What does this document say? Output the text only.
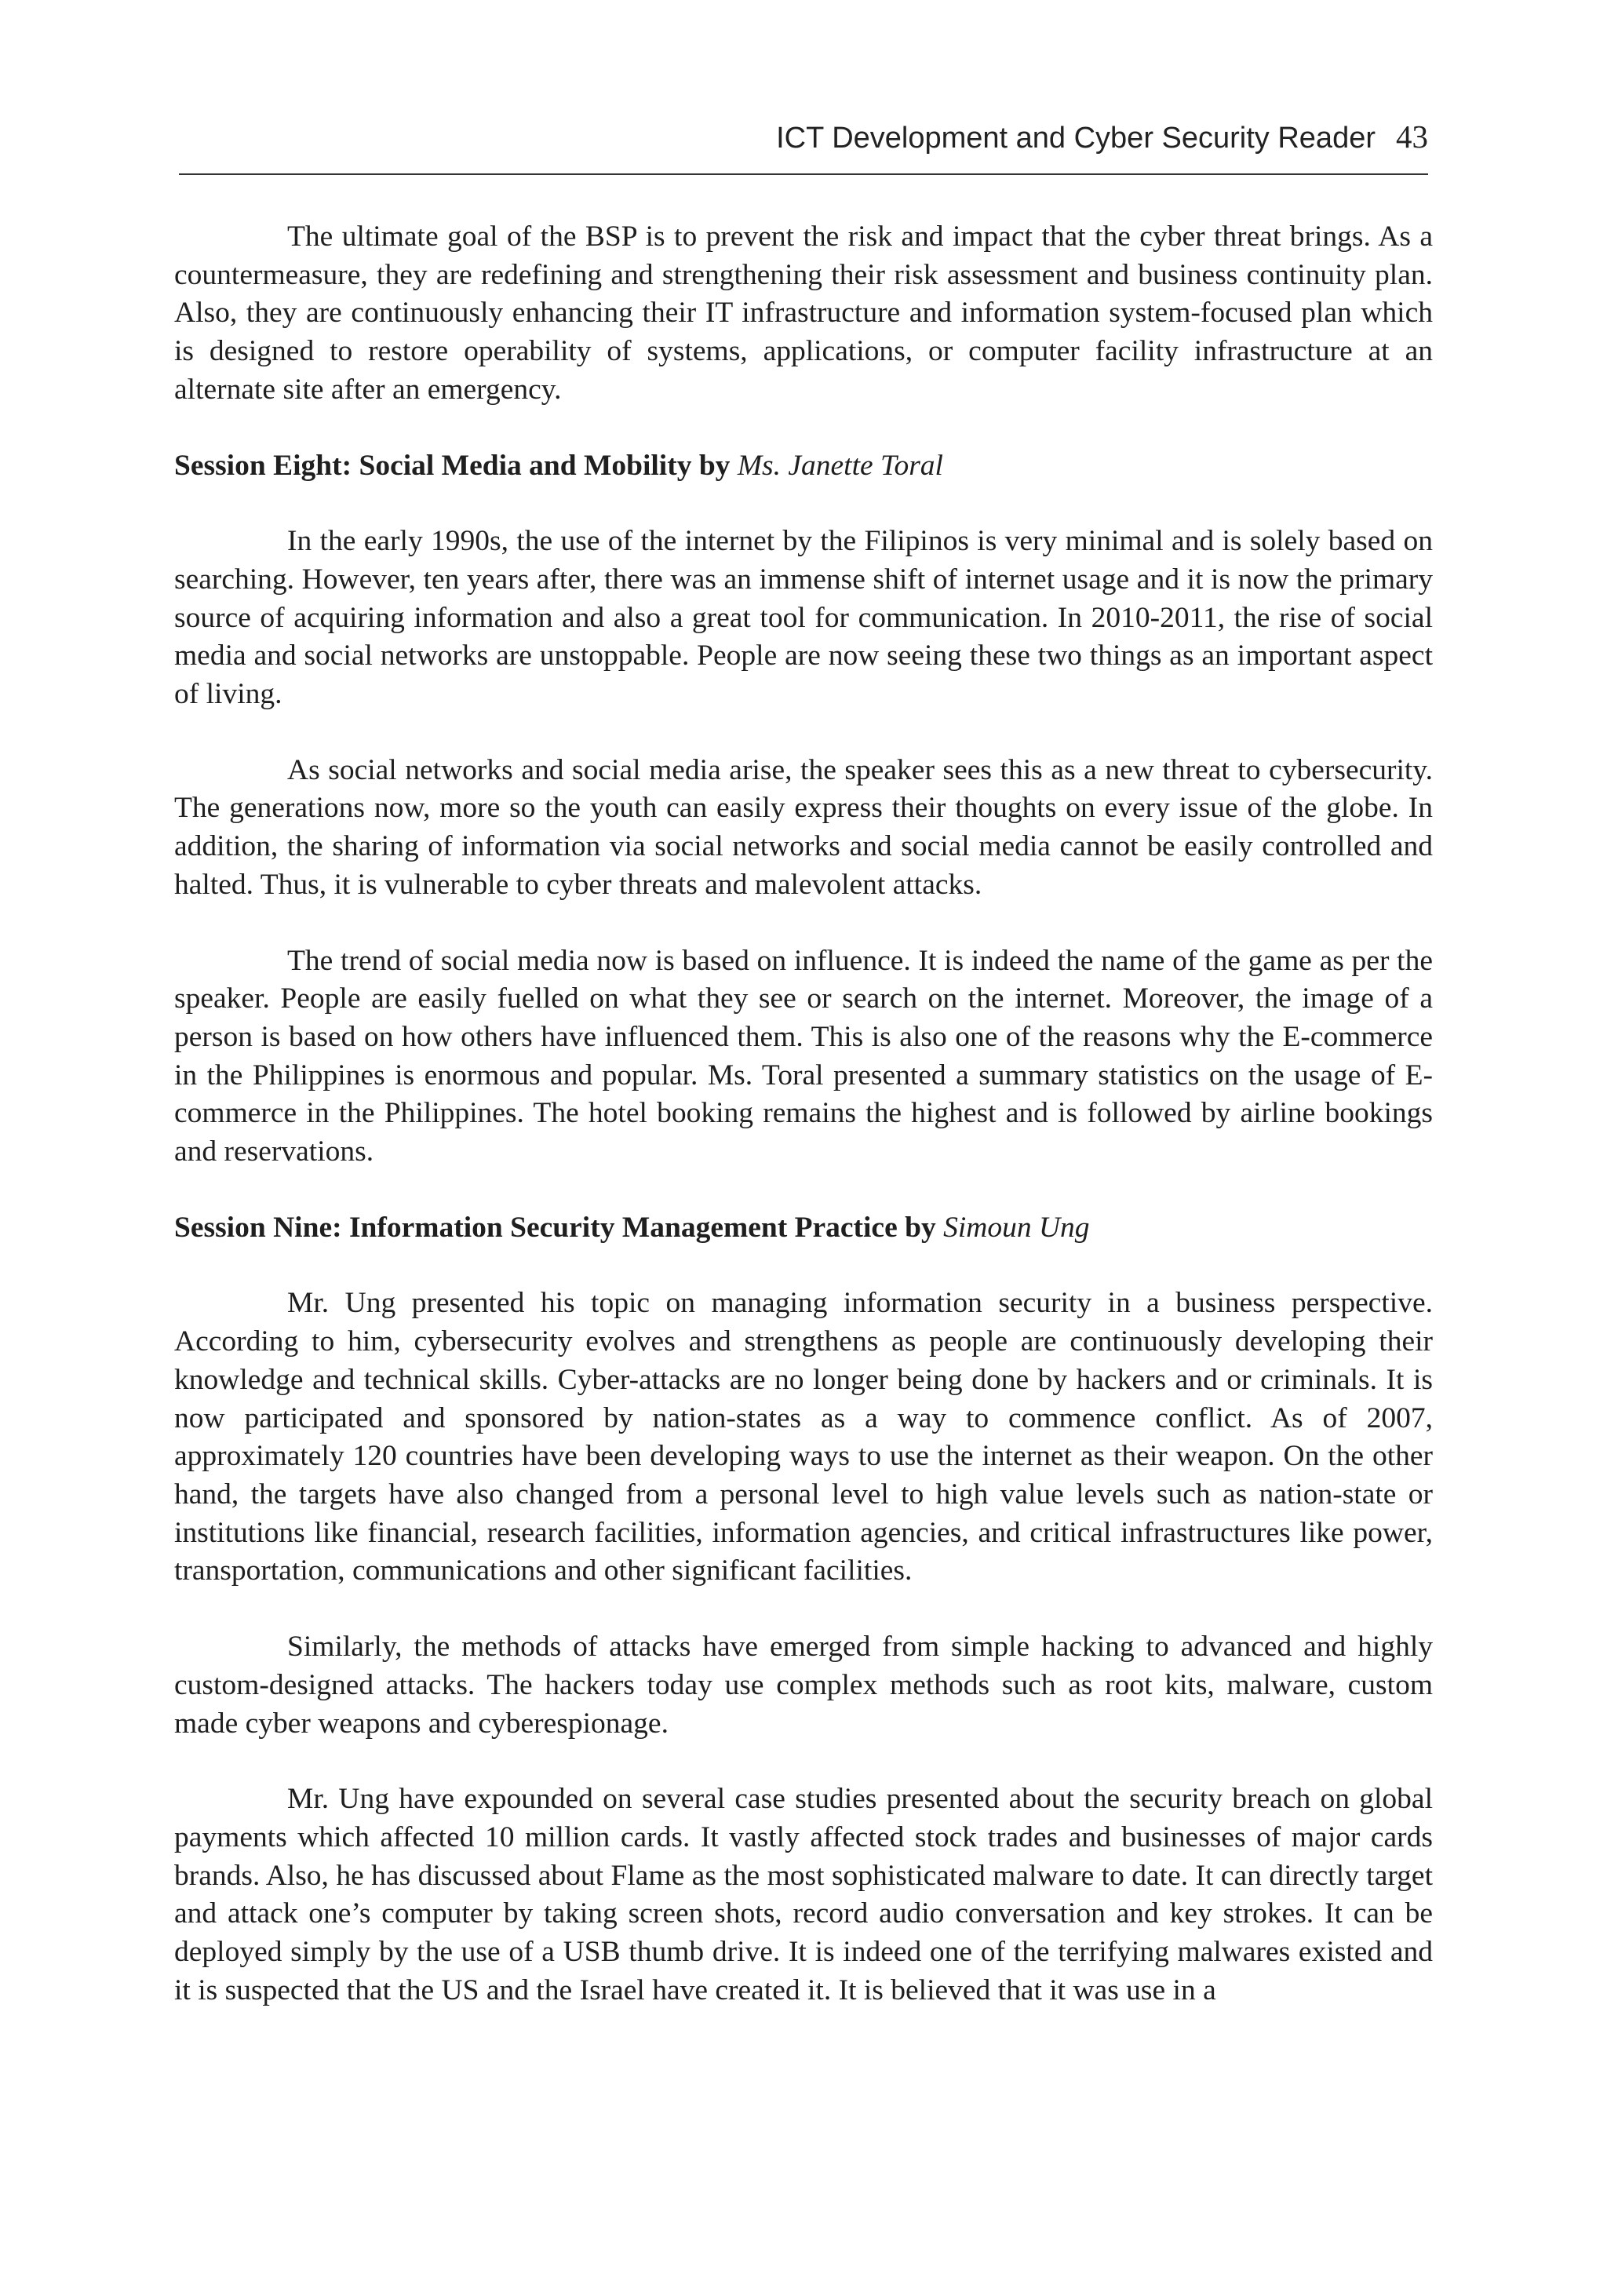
ICT Development and Cyber Security Reader 43

The ultimate goal of the BSP is to prevent the risk and impact that the cyber threat brings. As a countermeasure, they are redefining and strengthening their risk assessment and business continuity plan. Also, they are continuously enhancing their IT infrastructure and information system-focused plan which is designed to restore operability of systems, applications, or computer facility infrastructure at an alternate site after an emergency.

Session Eight: Social Media and Mobility by Ms. Janette Toral

In the early 1990s, the use of the internet by the Filipinos is very minimal and is solely based on searching. However, ten years after, there was an immense shift of internet usage and it is now the primary source of acquiring information and also a great tool for communication. In 2010-2011, the rise of social media and social networks are unstoppable. People are now seeing these two things as an important aspect of living.

As social networks and social media arise, the speaker sees this as a new threat to cybersecurity. The generations now, more so the youth can easily express their thoughts on every issue of the globe. In addition, the sharing of information via social networks and social media cannot be easily controlled and halted. Thus, it is vulnerable to cyber threats and malevolent attacks.

The trend of social media now is based on influence. It is indeed the name of the game as per the speaker. People are easily fuelled on what they see or search on the internet. Moreover, the image of a person is based on how others have influenced them. This is also one of the reasons why the E-commerce in the Philippines is enormous and popular. Ms. Toral presented a summary statistics on the usage of E-commerce in the Philippines. The hotel booking remains the highest and is followed by airline bookings and reservations.

Session Nine: Information Security Management Practice by Simoun Ung

Mr. Ung presented his topic on managing information security in a business perspective. According to him, cybersecurity evolves and strengthens as people are continuously developing their knowledge and technical skills. Cyber-attacks are no longer being done by hackers and or criminals. It is now participated and sponsored by nation-states as a way to commence conflict. As of 2007, approximately 120 countries have been developing ways to use the internet as their weapon. On the other hand, the targets have also changed from a personal level to high value levels such as nation-state or institutions like financial, research facilities, information agencies, and critical infrastructures like power, transportation, communications and other significant facilities.

Similarly, the methods of attacks have emerged from simple hacking to advanced and highly custom-designed attacks. The hackers today use complex methods such as root kits, malware, custom made cyber weapons and cyberespionage.

Mr. Ung have expounded on several case studies presented about the security breach on global payments which affected 10 million cards. It vastly affected stock trades and businesses of major cards brands. Also, he has discussed about Flame as the most sophisticated malware to date. It can directly target and attack one’s computer by taking screen shots, record audio conversation and key strokes. It can be deployed simply by the use of a USB thumb drive. It is indeed one of the terrifying malwares existed and it is suspected that the US and the Israel have created it. It is believed that it was use in a
